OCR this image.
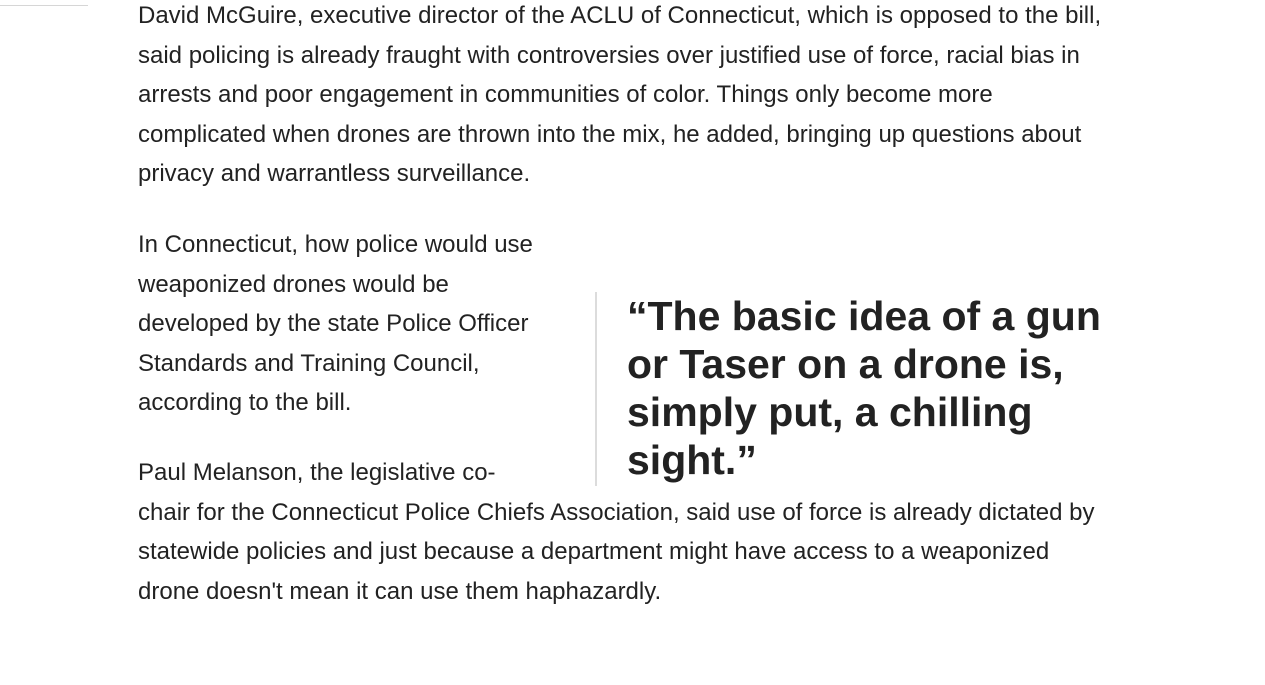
David McGuire, executive director of the ACLU of Connecticut, which is opposed to the bill, said policing is already fraught with controversies over justified use of force, racial bias in arrests and poor engagement in communities of color. Things only become more complicated when drones are thrown into the mix, he added, bringing up questions about privacy and warrantless surveillance.

In Connecticut, how police would use weaponized drones would be developed by the state Police Officer Standards and Training Council, according to the bill.

“The basic idea of a gun or Taser on a drone is, simply put, a chilling sight.”

Paul Melanson, the legislative co-

chair for the Connecticut Police Chiefs Association, said use of force is already dictated by statewide policies and just because a department might have access to a weaponized drone doesn't mean it can use them haphazardly.
